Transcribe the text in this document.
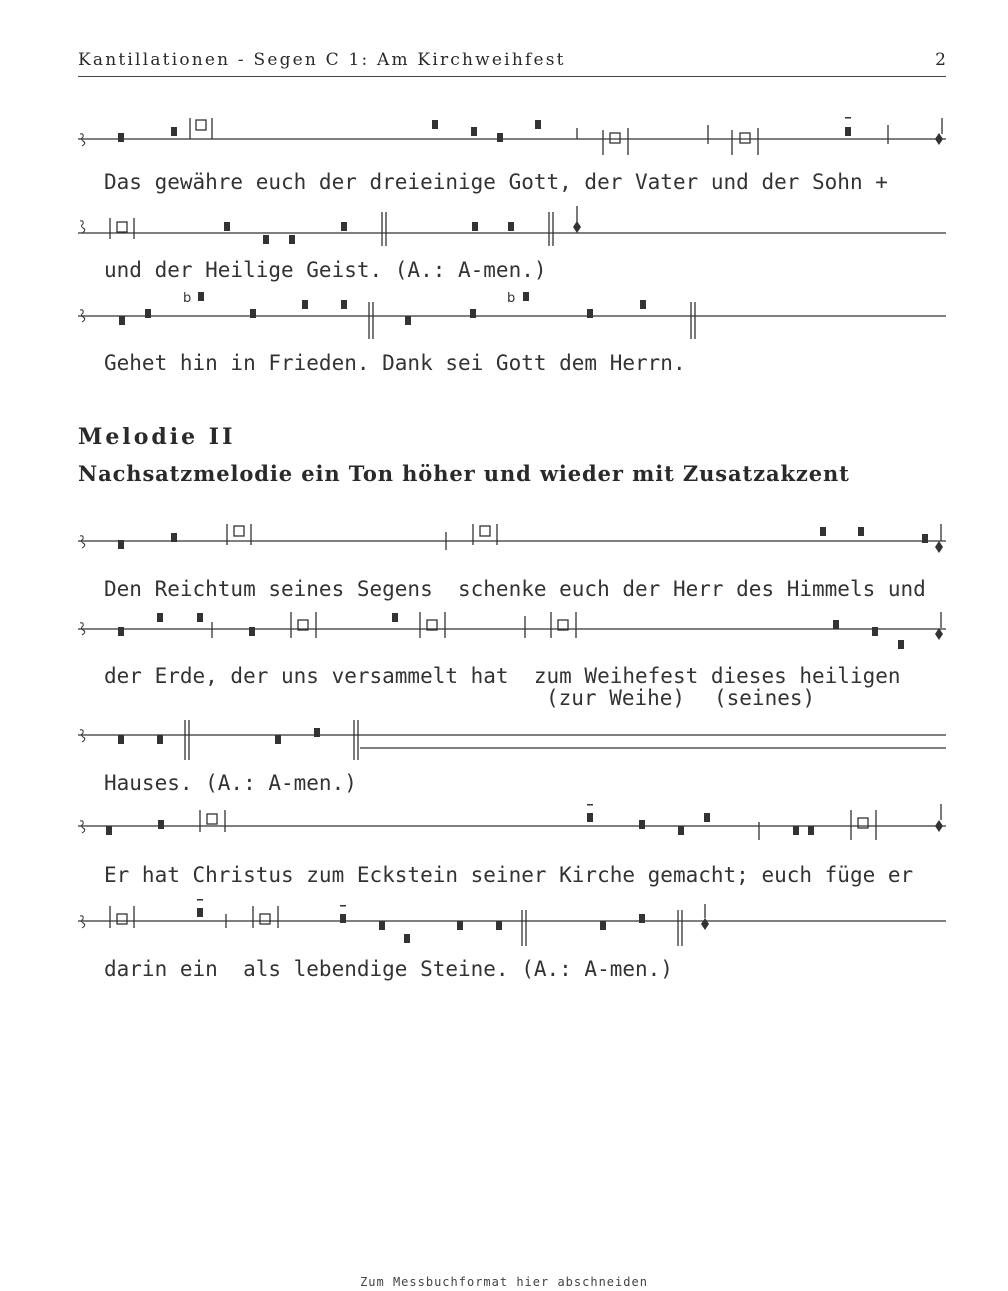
Kantillationen - Segen C 1: Am Kirchweihfest	2
Das gewähre euch der dreieinige Gott, der Vater und der Sohn +
und der Heilige Geist. (A.: A-men.)
b	b
Gehet hin in Frieden. Dank sei Gott dem Herrn.
Melodie II
Nachsatzmelodie ein Ton höher und wieder mit Zusatzakzent
Den Reichtum seines Segens  schenke euch der Herr des Himmels und
der Erde, der uns versammelt hat  zum Weihefest dieses heiligen
(zur Weihe) (seines)
Hauses. (A.: A-men.)
Er hat Christus zum Eckstein seiner Kirche gemacht; euch füge er
darin ein  als lebendige Steine. (A.: A-men.)
Zum Messbuchformat hier abschneiden
